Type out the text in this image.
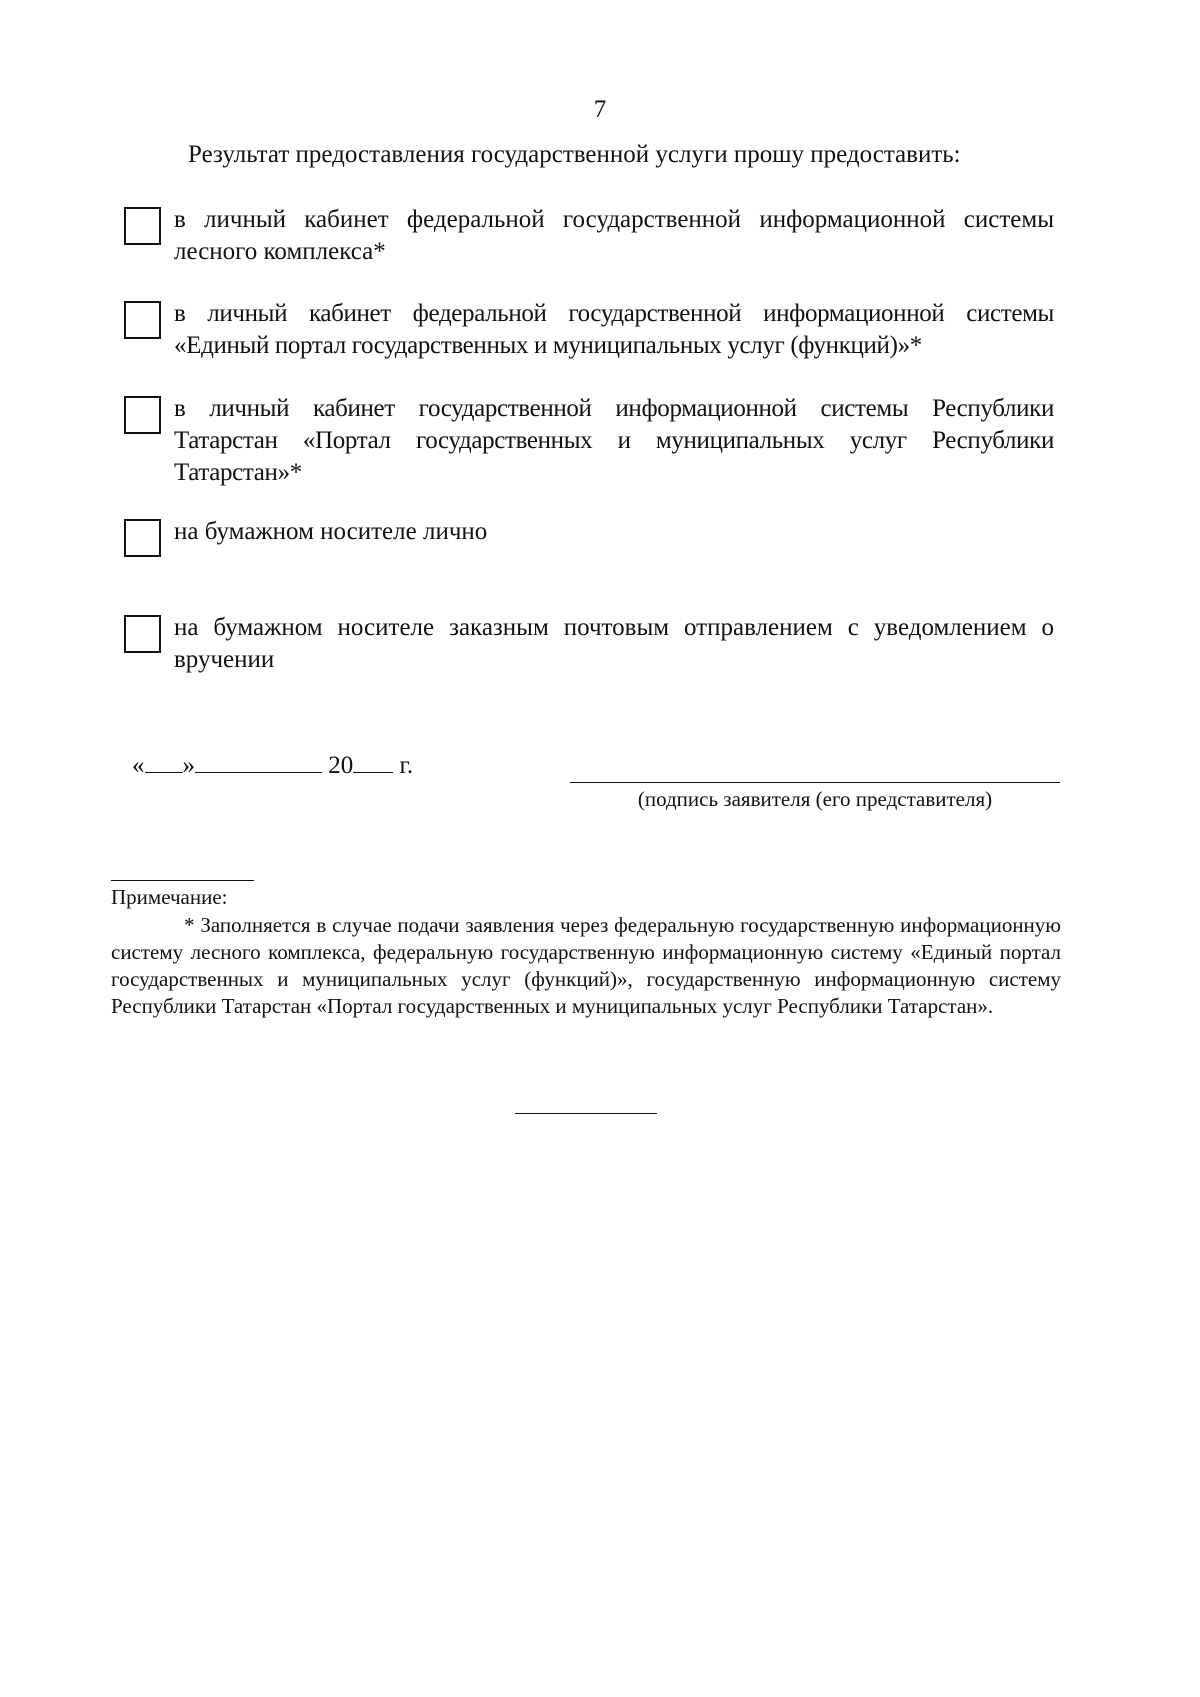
7
Результат предоставления государственной услуги прошу предоставить:
в личный кабинет федеральной государственной информационной системы лесного комплекса*
в личный кабинет федеральной государственной информационной системы «Единый портал государственных и муниципальных услуг (функций)»*
в личный кабинет государственной информационной системы Республики Татарстан «Портал государственных и муниципальных услуг Республики Татарстан»*
на бумажном носителе лично
на бумажном носителе заказным почтовым отправлением с уведомлением о вручении
« »	20 г.
(подпись заявителя (его представителя)
Примечание:
* Заполняется в случае подачи заявления через федеральную государственную информационную систему лесного комплекса, федеральную государственную информационную систему «Единый портал государственных и муниципальных услуг (функций)», государственную информационную систему Республики Татарстан «Портал государственных и муниципальных услуг Республики Татарстан».
